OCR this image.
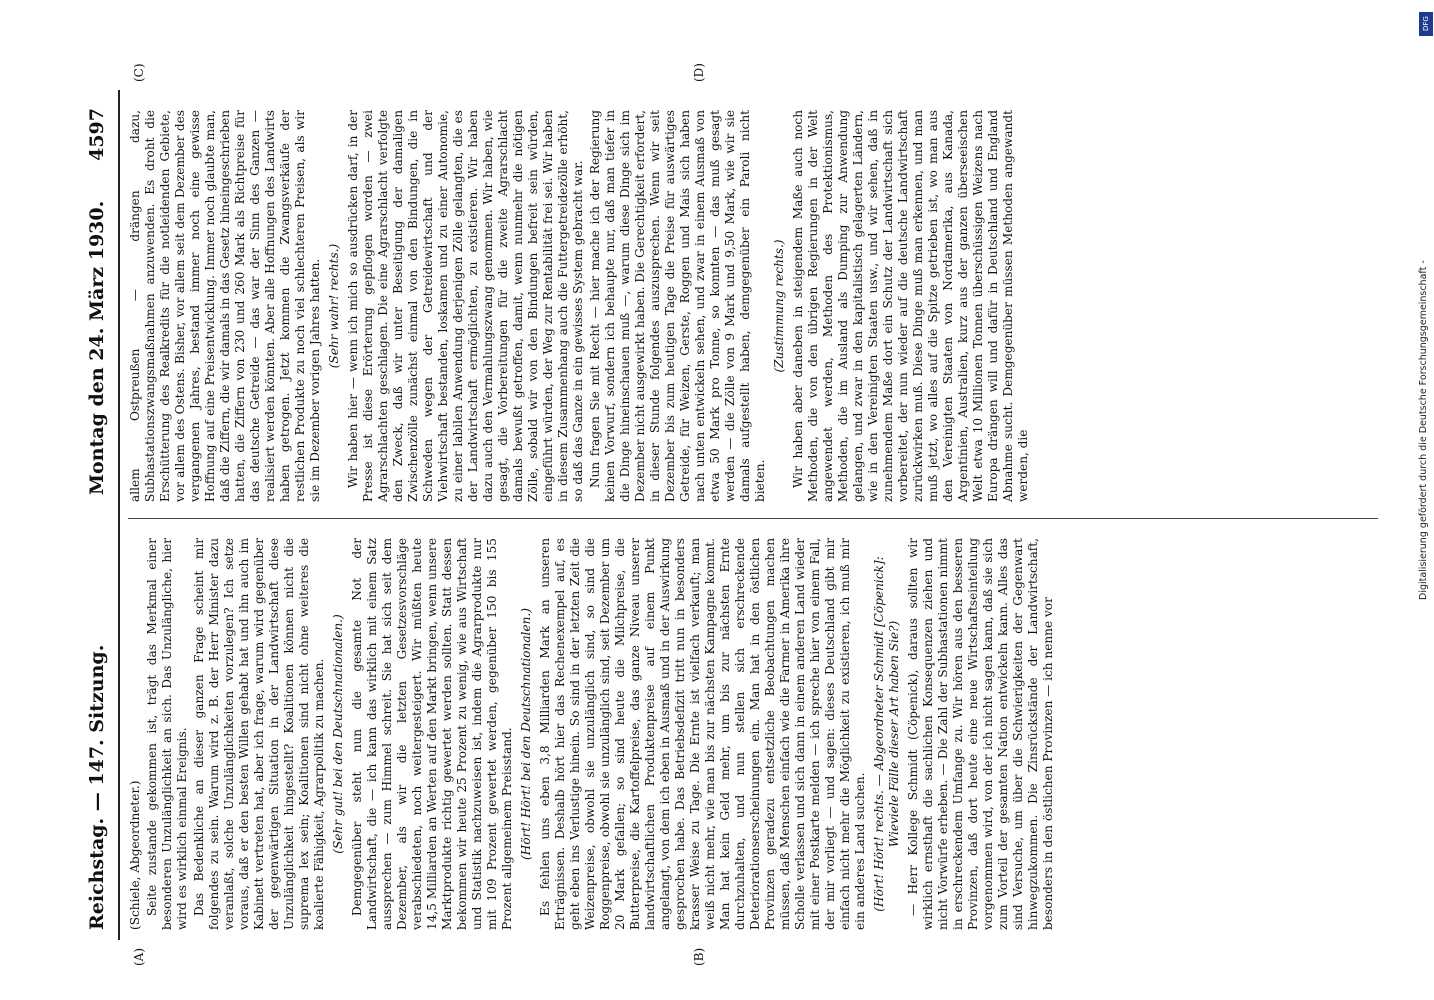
Reichstag. — 147. Sitzung.
Montag den 24. März 1930.
4597
(A)	(B)
(C)	(D)

(Schiele, Abgeordneter.) Seite zustande gekommen ist, trägt das Merkmal einer besonderen Unzulänglichkeit an sich. Das Unzulängliche, hier wird es wirklich einmal Ereignis. Das Bedenkliche an dieser ganzen Frage scheint mir folgendes zu sein. Warum wird z. B. der Herr Minister dazu veranlaßt, solche Unzulänglichkeiten vorzulegen? Ich setze voraus, daß er den besten Willen gehabt hat und ihn auch im Kabinett vertreten hat, aber ich frage, warum wird gegenüber der gegenwärtigen Situation in der Landwirtschaft diese Unzulänglichkeit hingestellt? Koalitionen können nicht die suprema lex sein; Koalitionen sind nicht ohne weiteres die koalierte Fähigkeit, Agrarpolitik zu machen. (Sehr gut! bei den Deutschnationalen.) Demgegenüber steht nun die gesamte Not der Landwirtschaft, die — ich kann das wirklich mit einem Satz aussprechen — zum Himmel schreit. Sie hat sich seit dem Dezember, als wir die letzten Gesetzesvorschläge verabschiedeten, noch weitergesteigert. Wir müßten heute 14,5 Milliarden an Werten auf den Markt bringen, wenn unsere Marktprodukte richtig gewertet werden sollten. Statt dessen bekommen wir heute 25 Prozent zu wenig, wie aus Wirtschaft und Statistik nachzuweisen ist, indem die Agrarprodukte nur mit 109 Prozent gewertet werden, gegenüber 150 bis 155 Prozent allgemeinem Preisstand. (Hört! Hört! bei den Deutschnationalen.) Es fehlen uns eben 3,8 Milliarden Mark an unseren Erträgnissen. Deshalb hört hier das Rechenexempel auf, es geht eben ins Verlustige hinein. So sind in der letzten Zeit die Weizenpreise, obwohl sie unzulänglich sind, so sind die Roggenpreise, obwohl sie unzulänglich sind, seit Dezember um 20 Mark gefallen; so sind heute die Milchpreise, die Butterpreise, die Kartoffelpreise, das ganze Niveau unserer landwirtschaftlichen Produktenpreise auf einem Punkt angelangt, von dem ich eben in Ausmaß und in der Auswirkung gesprochen habe. Das Betriebsdefizit tritt nun in besonders krasser Weise zu Tage. Die Ernte ist vielfach verkauft; man weiß nicht mehr, wie man bis zur nächsten Kampagne kommt. Man hat kein Geld mehr, um bis zur nächsten Ernte durchzuhalten, und nun stellen sich erschreckende Deteriorationserscheinungen ein. Man hat in den östlichen Provinzen geradezu entsetzliche Beobachtungen machen müssen, daß Menschen einfach wie die Farmer in Amerika ihre Scholle verlassen und sich dann in einem anderen Land wieder mit einer Postkarte melden — ich spreche hier von einem Fall, der mir vorliegt — und sagen: dieses Deutschland gibt mir einfach nicht mehr die Möglichkeit zu existieren, ich muß mir ein anderes Land suchen. (Hört! Hört! rechts. — Abgeordneter Schmidt [Cöpenick]: Wieviele Fälle dieser Art haben Sie?) — Herr Kollege Schmidt (Cöpenick), daraus sollten wir wirklich ernsthaft die sachlichen Konsequenzen ziehen und nicht Vorwürfe erheben. — Die Zahl der Subhastationen nimmt in erschreckendem Umfange zu. Wir hören aus den besseren Provinzen, daß dort heute eine neue Wirtschaftseinteilung vorgenommen wird, von der ich nicht sagen kann, daß sie sich zum Vorteil der gesamten Nation entwickeln kann. Alles das sind Versuche, um über die Schwierigkeiten der Gegenwart hinwegzukommen. Die Zinsrückstände der Landwirtschaft, besonders in den östlichen Provinzen — ich nenne vor

allem Ostpreußen — drängen dazu, Subhastationszwangsmaßnahmen anzuwenden. Es droht die Erschütterung des Realkredits für die notleidenden Gebiete, vor allem des Ostens. Bisher, vor allem seit dem Dezember des vergangenen Jahres, bestand immer noch eine gewisse Hoffnung auf eine Preisentwicklung. Immer noch glaubte man, daß die Ziffern, die wir damals in das Gesetz hineingeschrieben hatten, die Ziffern von 230 und 260 Mark als Richtpreise für das deutsche Getreide — das war der Sinn des Ganzen — realisiert werden könnten. Aber alle Hoffnungen des Landwirts haben getrogen. Jetzt kommen die Zwangsverkäufe der restlichen Produkte zu noch viel schlechteren Preisen, als wir sie im Dezember vorigen Jahres hatten. (Sehr wahr! rechts.) Wir haben hier — wenn ich mich so ausdrücken darf, in der Presse ist diese Erörterung gepflogen worden — zwei Agrarschlachten geschlagen. Die eine Agrarschlacht verfolgte den Zweck, daß wir unter Beseitigung der damaligen Zwischenzölle zunächst einmal von den Bindungen, die in Schweden wegen der Getreidewirtschaft und der Viehwirtschaft bestanden, loskamen und zu einer Autonomie, zu einer labilen Anwendung derjenigen Zölle gelangten, die es der Landwirtschaft ermöglichten, zu existieren. Wir haben dazu auch den Vermahlungszwang genommen. Wir haben, wie gesagt, die Vorbereitungen für die zweite Agrarschlacht damals bewußt getroffen, damit, wenn nunmehr die nötigen Zölle, sobald wir von den Bindungen befreit sein würden, eingeführt würden, der Weg zur Rentabilität frei sei. Wir haben in diesem Zusammenhang auch die Futtergetreidezölle erhöht, so daß das Ganze in ein gewisses System gebracht war. Nun fragen Sie mit Recht — hier mache ich der Regierung keinen Vorwurf, sondern ich behaupte nur, daß man tiefer in die Dinge hineinschauen muß —, warum diese Dinge sich im Dezember nicht ausgewirkt haben. Die Gerechtigkeit erfordert, in dieser Stunde folgendes auszusprechen. Wenn wir seit Dezember bis zum heutigen Tage die Preise für auswärtiges Getreide, für Weizen, Gerste, Roggen und Mais sich haben nach unten entwickeln sehen, und zwar in einem Ausmaß von etwa 50 Mark pro Tonne, so konnten — das muß gesagt werden — die Zölle von 9 Mark und 9,50 Mark, wie wir sie damals aufgestellt haben, demgegenüber ein Paroli nicht bieten.

(Zustimmung rechts.) Wir haben aber daneben in steigendem Maße auch noch Methoden, die von den übrigen Regierungen in der Welt angewendet werden, Methoden des Protektionismus, Methoden, die im Ausland als Dumping zur Anwendung gelangen, und zwar in den kapitalistisch gelagerten Ländern, wie in den Vereinigten Staaten usw., und wir sehen, daß in zunehmendem Maße dort ein Schutz der Landwirtschaft sich vorbereitet, der nun wieder auf die deutsche Landwirtschaft zurückwirken muß. Diese Dinge muß man erkennen, und man muß jetzt, wo alles auf die Spitze getrieben ist, wo man aus den Vereinigten Staaten von Nordamerika, aus Kanada, Argentinien, Australien, kurz aus der ganzen überseeischen Welt etwa 10 Millionen Tonnen überschüssigen Weizens nach Europa drängen will und dafür in Deutschland und England Abnahme sucht. Demgegenüber müssen Methoden angewandt werden, die

DFG
Digitalisierung gefördert durch die Deutsche Forschungsgemeinschaft -
